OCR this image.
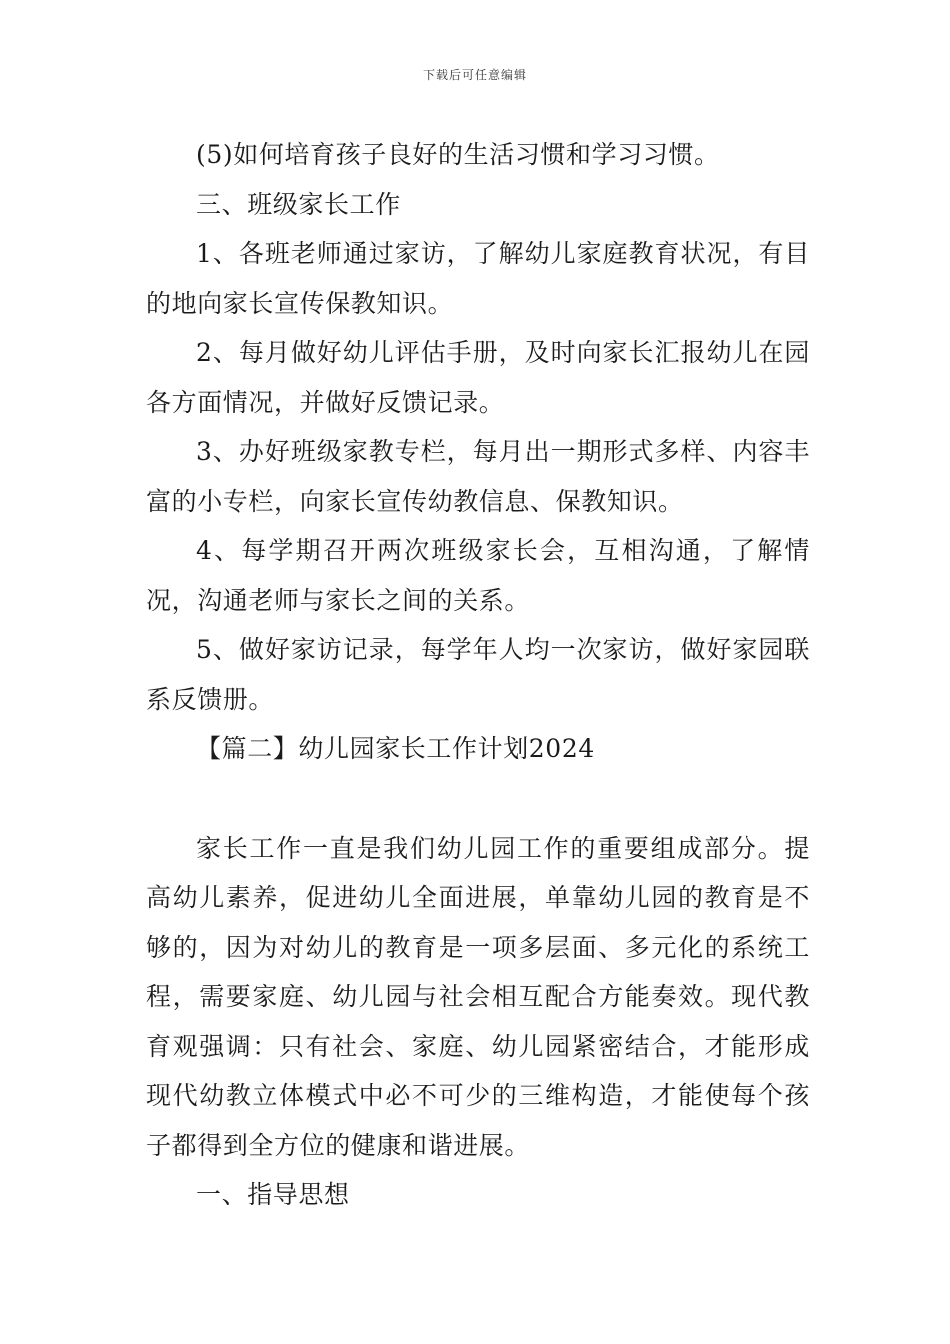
下载后可任意编辑

(5)如何培育孩子良好的生活习惯和学习习惯。

三、班级家长工作

1、各班老师通过家访，了解幼儿家庭教育状况，有目的地向家长宣传保教知识。

2、每月做好幼儿评估手册，及时向家长汇报幼儿在园各方面情况，并做好反馈记录。

3、办好班级家教专栏，每月出一期形式多样、内容丰富的小专栏，向家长宣传幼教信息、保教知识。

4、每学期召开两次班级家长会，互相沟通，了解情况，沟通老师与家长之间的关系。

5、做好家访记录，每学年人均一次家访，做好家园联系反馈册。

【篇二】幼儿园家长工作计划2024

家长工作一直是我们幼儿园工作的重要组成部分。提高幼儿素养，促进幼儿全面进展，单靠幼儿园的教育是不够的，因为对幼儿的教育是一项多层面、多元化的系统工程，需要家庭、幼儿园与社会相互配合方能奏效。现代教育观强调：只有社会、家庭、幼儿园紧密结合，才能形成现代幼教立体模式中必不可少的三维构造，才能使每个孩子都得到全方位的健康和谐进展。

一、指导思想
